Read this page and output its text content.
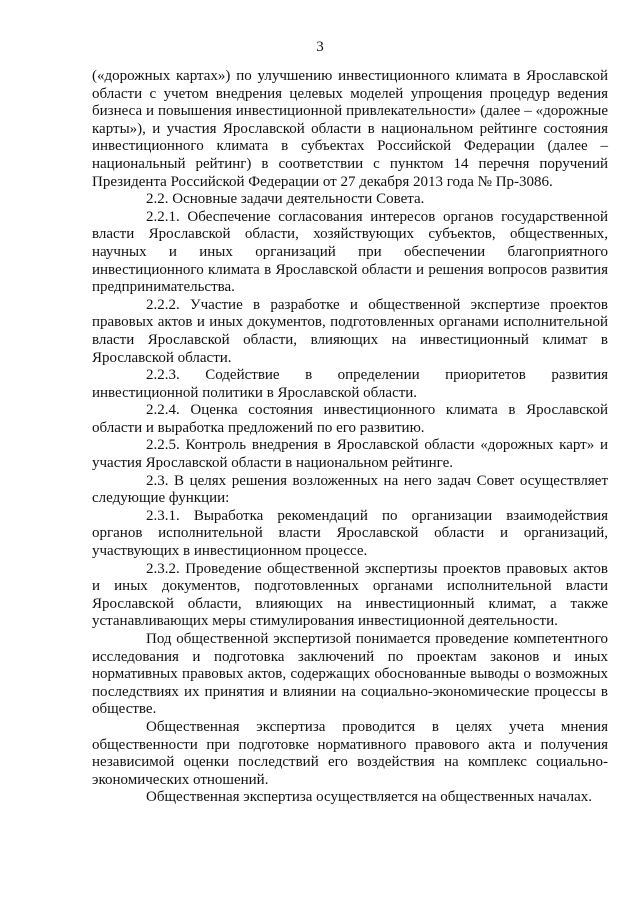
3

(«дорожных картах») по улучшению инвестиционного климата в Ярославской области с учетом внедрения целевых моделей упрощения процедур ведения бизнеса и повышения инвестиционной привлекательности» (далее – «дорожные карты»), и участия Ярославской области в национальном рейтинге состояния инвестиционного климата в субъектах Российской Федерации (далее – национальный рейтинг) в соответствии с пунктом 14 перечня поручений Президента Российской Федерации от 27 декабря 2013 года № Пр-3086.

2.2. Основные задачи деятельности Совета.

2.2.1. Обеспечение согласования интересов органов государственной власти Ярославской области, хозяйствующих субъектов, общественных, научных и иных организаций при обеспечении благоприятного инвестиционного климата в Ярославской области и решения вопросов развития предпринимательства.

2.2.2. Участие в разработке и общественной экспертизе проектов правовых актов и иных документов, подготовленных органами исполнительной власти Ярославской области, влияющих на инвестиционный климат в Ярославской области.

2.2.3. Содействие в определении приоритетов развития инвестиционной политики в Ярославской области.

2.2.4. Оценка состояния инвестиционного климата в Ярославской области и выработка предложений по его развитию.

2.2.5. Контроль внедрения в Ярославской области «дорожных карт» и участия Ярославской области в национальном рейтинге.

2.3. В целях решения возложенных на него задач Совет осуществляет следующие функции:

2.3.1. Выработка рекомендаций по организации взаимодействия органов исполнительной власти Ярославской области и организаций, участвующих в инвестиционном процессе.

2.3.2. Проведение общественной экспертизы проектов правовых актов и иных документов, подготовленных органами исполнительной власти Ярославской области, влияющих на инвестиционный климат, а также устанавливающих меры стимулирования инвестиционной деятельности.

Под общественной экспертизой понимается проведение компетентного исследования и подготовка заключений по проектам законов и иных нормативных правовых актов, содержащих обоснованные выводы о возможных последствиях их принятия и влиянии на социально-экономические процессы в обществе.

Общественная экспертиза проводится в целях учета мнения общественности при подготовке нормативного правового акта и получения независимой оценки последствий его воздействия на комплекс социально-экономических отношений.

Общественная экспертиза осуществляется на общественных началах.
